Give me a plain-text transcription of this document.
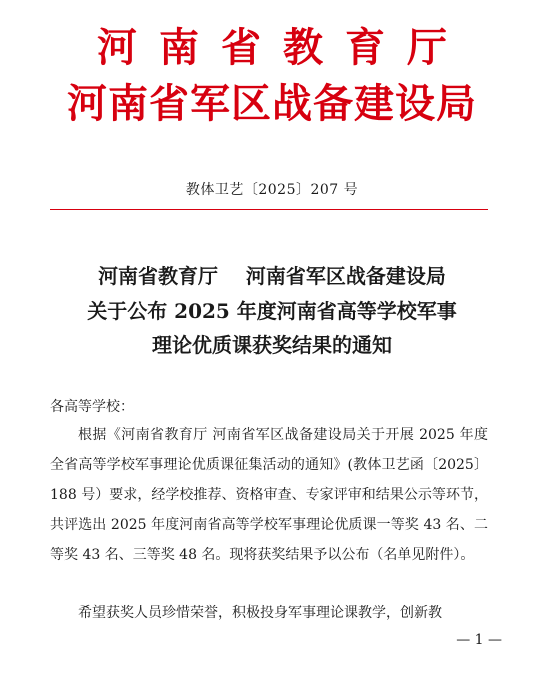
河南省教育厅
河南省军区战备建设局
教体卫艺〔2025〕207 号
河南省教育厅    河南省军区战备建设局
关于公布 2025 年度河南省高等学校军事
理论优质课获奖结果的通知
各高等学校：
根据《河南省教育厅 河南省军区战备建设局关于开展 2025 年度全省高等学校军事理论优质课征集活动的通知》(教体卫艺函〔2025〕188 号）要求，经学校推荐、资格审查、专家评审和结果公示等环节，共评选出 2025 年度河南省高等学校军事理论优质课一等奖 43 名、二等奖 43 名、三等奖 48 名。现将获奖结果予以公布（名单见附件）。
希望获奖人员珍惜荣誉，积极投身军事理论课教学，创新教
— 1 —
